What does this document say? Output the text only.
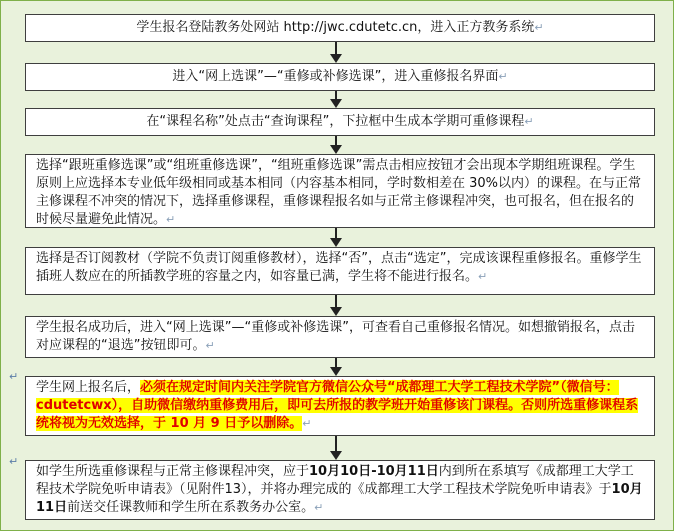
学生报名登陆教务处网站 http://jwc.cdutetc.cn，进入正方教务系统 ↵
进入“网上选课”—“重修或补修选课”，进入重修报名界面 ↵
在“课程名称”处点击“查询课程”，下拉框中生成本学期可重修课程 ↵
选择“跟班重修选课”或“组班重修选课”，“组班重修选课”需点击相应按钮才会出现本学期组班课程。学生原则上应选择本专业低年级相同或基本相同（内容基本相同，学时数相差在 30%以内）的课程。在与正常主修课程不冲突的情况下，选择重修课程，重修课程报名如与正常主修课程冲突，也可报名，但在报名的时候尽量避免此情况。 ↵
选择是否订阅教材（学院不负责订阅重修教材），选择“否”，点击“选定”，完成该课程重修报名。重修学生插班人数应在的所插教学班的容量之内，如容量已满，学生将不能进行报名。 ↵
学生报名成功后，进入“网上选课”—“重修或补修选课”，可查看自己重修报名情况。如想撤销报名，点击对应课程的“退选”按钮即可。 ↵
↵
学生网上报名后，必须在规定时间内关注学院官方微信公众号“成都理工大学工程技术学院”（微信号：cdutetcwx），自助微信缴纳重修费用后，即可去所报的教学班开始重修该门课程。否则所选重修课程系统将视为无效选择，于 10 月 9 日予以删除。 ↵
↵
如学生所选重修课程与正常主修课程冲突，应于10月10日-10月11日内到所在系填写《成都理工大学工程技术学院免听申请表》（见附件13），并将办理完成的《成都理工大学工程技术学院免听申请表》于10月11日前送交任课教师和学生所在系教务办公室。 ↵
